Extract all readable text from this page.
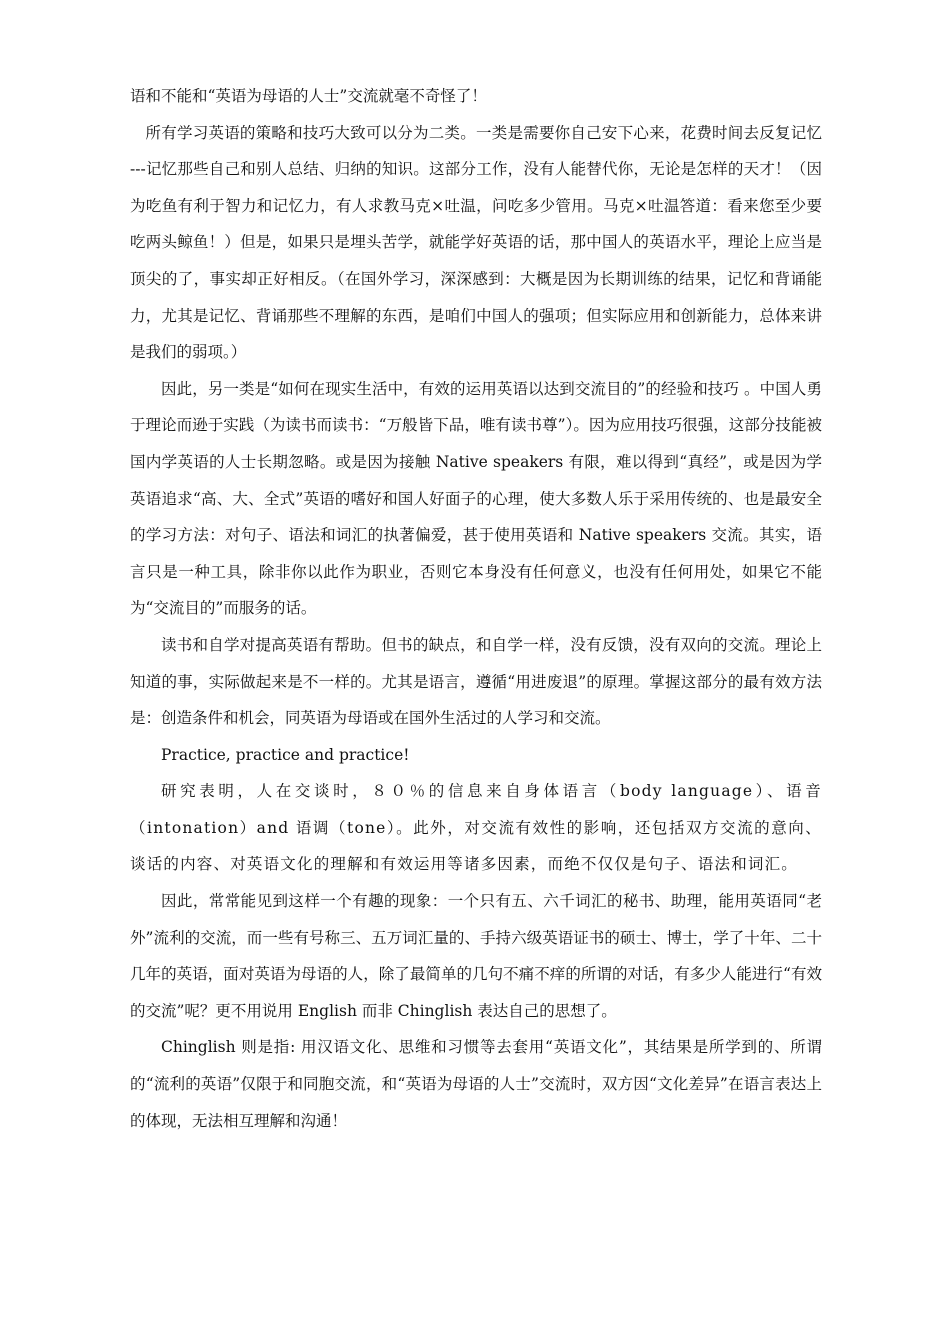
语和不能和“英语为母语的人士”交流就毫不奇怪了！

所有学习英语的策略和技巧大致可以分为二类。一类是需要你自己安下心来，花费时间去反复记忆 ---记忆那些自己和别人总结、归纳的知识。这部分工作，没有人能替代你，无论是怎样的天才！（因为吃鱼有利于智力和记忆力，有人求教马克×吐温，问吃多少管用。马克×吐温答道：看来您至少要吃两头鲸鱼！）但是，如果只是埋头苦学，就能学好英语的话，那中国人的英语水平，理论上应当是顶尖的了，事实却正好相反。（在国外学习，深深感到：大概是因为长期训练的结果，记忆和背诵能力，尤其是记忆、背诵那些不理解的东西，是咱们中国人的强项；但实际应用和创新能力，总体来讲是我们的弱项。）

因此，另一类是“如何在现实生活中，有效的运用英语以达到交流目的”的经验和技巧 。中国人勇于理论而逊于实践（为读书而读书：“万般皆下品，唯有读书尊”）。因为应用技巧很强，这部分技能被国内学英语的人士长期忽略。或是因为接触 Native speakers 有限，难以得到“真经”，或是因为学英语追求“高、大、全式”英语的嗜好和国人好面子的心理，使大多数人乐于采用传统的、也是最安全的学习方法：对句子、语法和词汇的执著偏爱，甚于使用英语和 Native speakers 交流。其实，语言只是一种工具，除非你以此作为职业，否则它本身没有任何意义，也没有任何用处，如果它不能为“交流目的”而服务的话。

读书和自学对提高英语有帮助。但书的缺点，和自学一样，没有反馈，没有双向的交流。理论上知道的事，实际做起来是不一样的。尤其是语言，遵循“用进废退”的原理。掌握这部分的最有效方法是：创造条件和机会，同英语为母语或在国外生活过的人学习和交流。

Practice, practice and practice!

研究表明，人在交谈时，８０％的信息来自身体语言（body language）、语音（intonation）and 语调（tone）。此外，对交流有效性的影响，还包括双方交流的意向、谈话的内容、对英语文化的理解和有效运用等诸多因素，而绝不仅仅是句子、语法和词汇。

因此，常常能见到这样一个有趣的现象：一个只有五、六千词汇的秘书、助理，能用英语同“老外”流利的交流，而一些有号称三、五万词汇量的、手持六级英语证书的硕士、博士，学了十年、二十几年的英语，面对英语为母语的人，除了最简单的几句不痛不痒的所谓的对话，有多少人能进行“有效的交流”呢？更不用说用 English 而非 Chinglish 表达自己的思想了。

Chinglish 则是指: 用汉语文化、思维和习惯等去套用“英语文化”，其结果是所学到的、所谓的“流利的英语”仅限于和同胞交流，和“英语为母语的人士”交流时，双方因“文化差异”在语言表达上的体现，无法相互理解和沟通！
